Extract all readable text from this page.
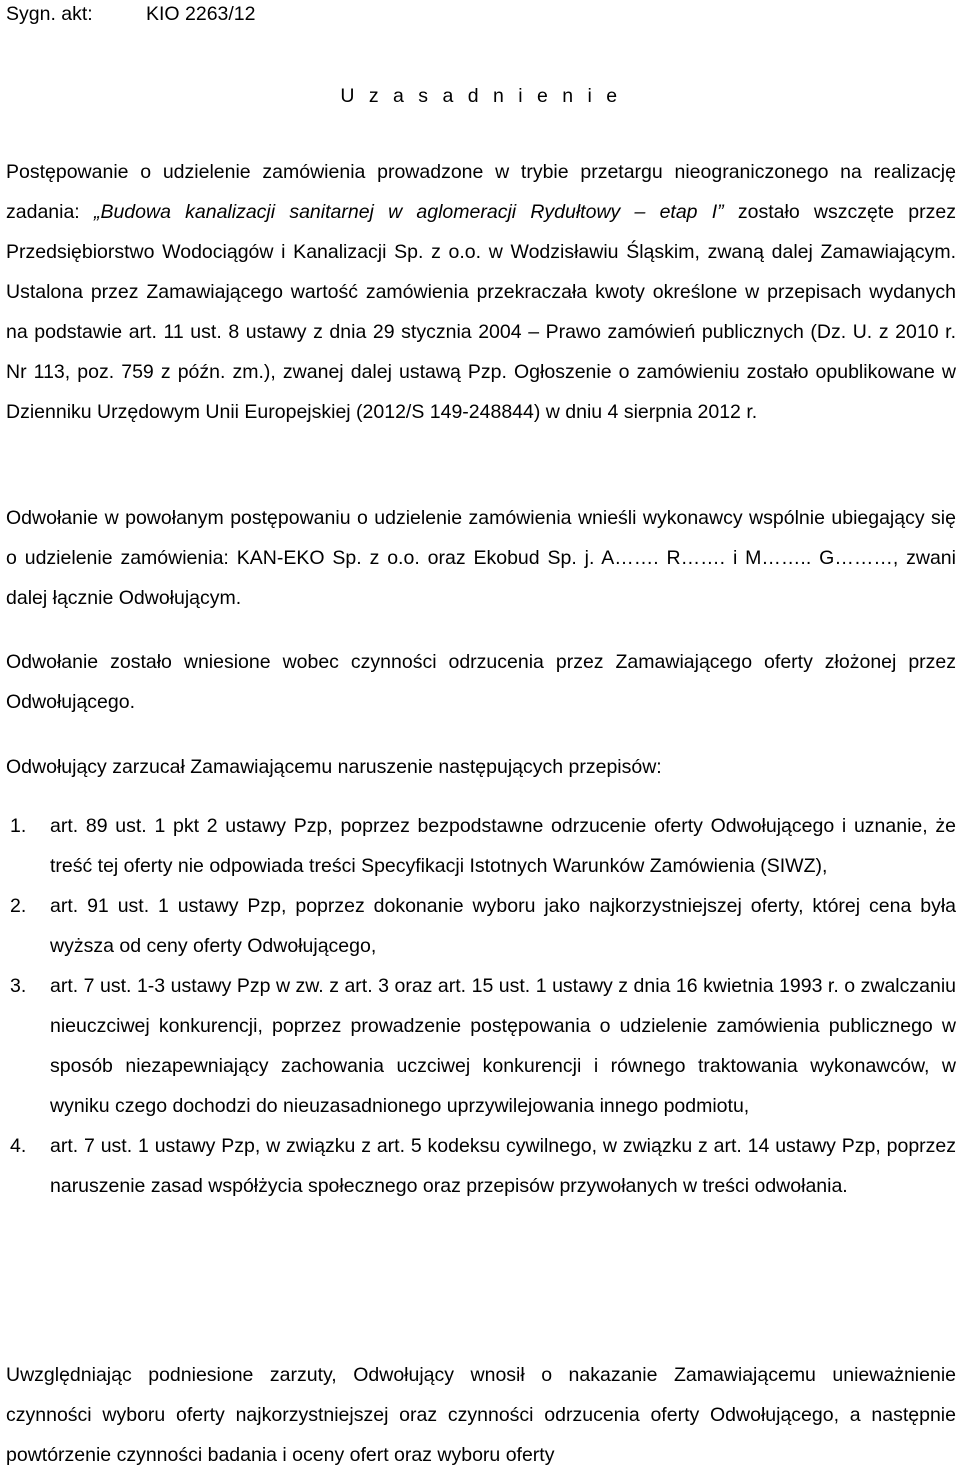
Sygn. akt:	KIO 2263/12
U z a s a d n i e n i e

Postępowanie o udzielenie zamówienia prowadzone w trybie przetargu nieograniczonego na realizację zadania: „Budowa kanalizacji sanitarnej w aglomeracji Rydułtowy – etap I” zostało wszczęte przez Przedsiębiorstwo Wodociągów i Kanalizacji Sp. z o.o. w Wodzisławiu Śląskim, zwaną dalej Zamawiającym. Ustalona przez Zamawiającego wartość zamówienia przekraczała kwoty określone w przepisach wydanych na podstawie art. 11 ust. 8 ustawy z dnia 29 stycznia 2004 – Prawo zamówień publicznych (Dz. U. z 2010 r. Nr 113, poz. 759 z późn. zm.), zwanej dalej ustawą Pzp. Ogłoszenie o zamówieniu zostało opublikowane w Dzienniku Urzędowym Unii Europejskiej (2012/S 149-248844) w dniu 4 sierpnia 2012 r.

Odwołanie w powołanym postępowaniu o udzielenie zamówienia wnieśli wykonawcy wspólnie ubiegający się o udzielenie zamówienia: KAN-EKO Sp. z o.o. oraz Ekobud Sp. j. A……. R……. i M…….. G………, zwani dalej łącznie Odwołującym.

Odwołanie zostało wniesione wobec czynności odrzucenia przez Zamawiającego oferty złożonej przez Odwołującego.

Odwołujący zarzucał Zamawiającemu naruszenie następujących przepisów:

1. art. 89 ust. 1 pkt 2 ustawy Pzp, poprzez bezpodstawne odrzucenie oferty Odwołującego i uznanie, że treść tej oferty nie odpowiada treści Specyfikacji Istotnych Warunków Zamówienia (SIWZ),
2. art. 91 ust. 1 ustawy Pzp, poprzez dokonanie wyboru jako najkorzystniejszej oferty, której cena była wyższa od ceny oferty Odwołującego,
3. art. 7 ust. 1-3 ustawy Pzp w zw. z art. 3 oraz art. 15 ust. 1 ustawy z dnia 16 kwietnia 1993 r. o zwalczaniu nieuczciwej konkurencji, poprzez prowadzenie postępowania o udzielenie zamówienia publicznego w sposób niezapewniający zachowania uczciwej konkurencji i równego traktowania wykonawców, w wyniku czego dochodzi do nieuzasadnionego uprzywilejowania innego podmiotu,
4. art. 7 ust. 1 ustawy Pzp, w związku z art. 5 kodeksu cywilnego, w związku z art. 14 ustawy Pzp, poprzez naruszenie zasad współżycia społecznego oraz przepisów przywołanych w treści odwołania.

Uwzględniając podniesione zarzuty, Odwołujący wnosił o nakazanie Zamawiającemu unieważnienie czynności wyboru oferty najkorzystniejszej oraz czynności odrzucenia oferty Odwołującego, a następnie powtórzenie czynności badania i oceny ofert oraz wyboru oferty
